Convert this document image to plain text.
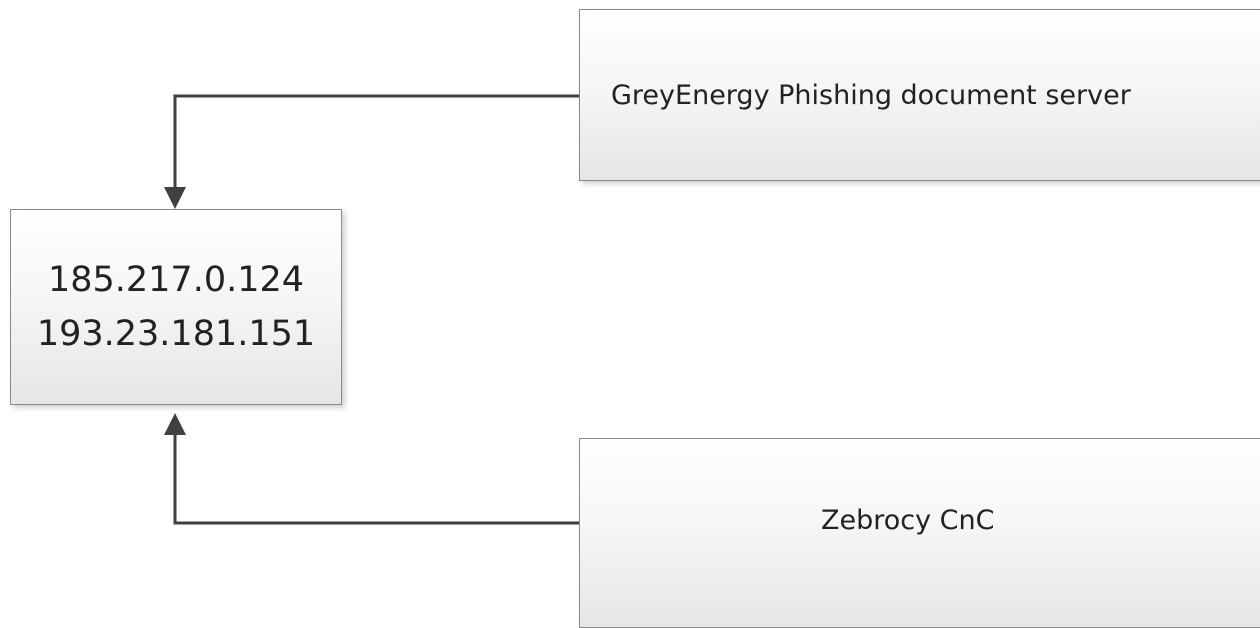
185.217.0.124
193.23.181.151
GreyEnergy Phishing document server
Zebrocy CnC
